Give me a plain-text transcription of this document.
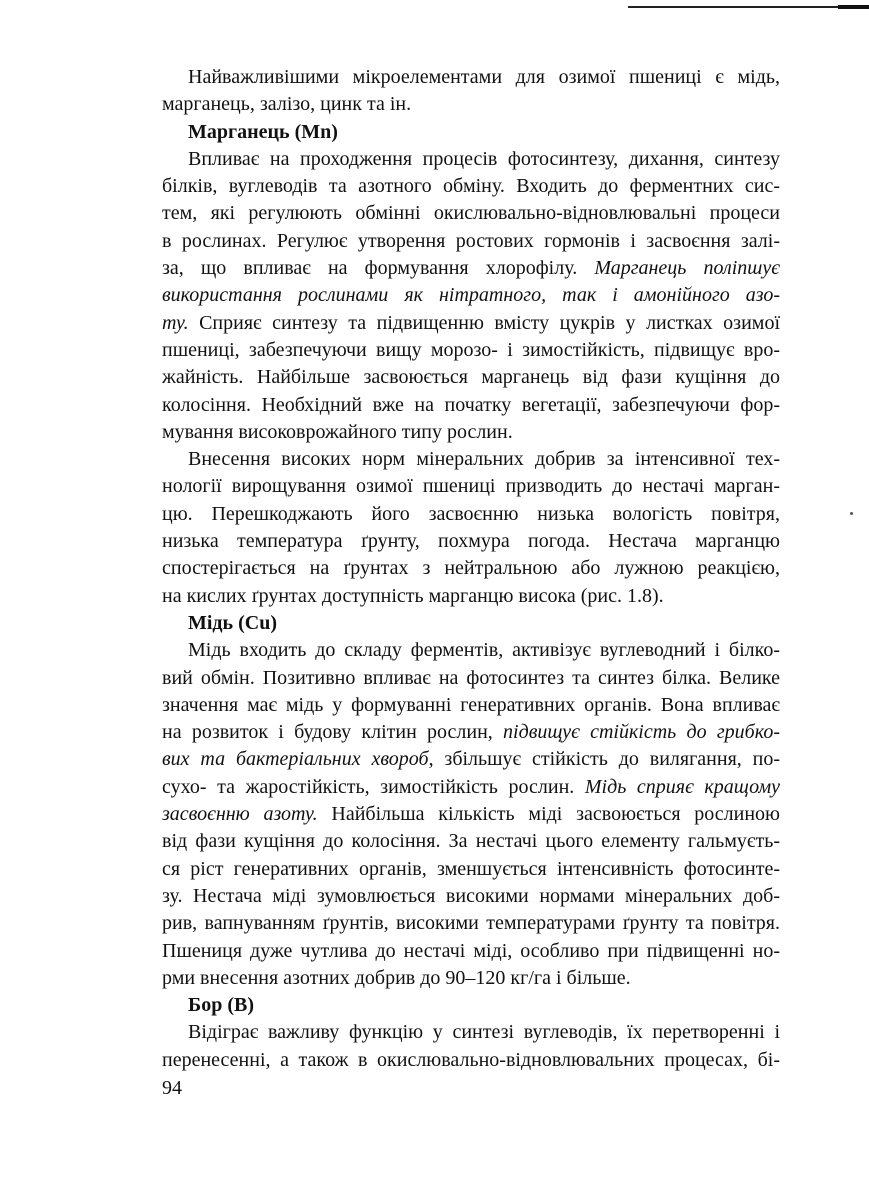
Найважливішими мікроелементами для озимої пшениці є мідь,
марганець, залізо, цинк та ін.
Марганець (Mn)
Впливає на проходження процесів фотосинтезу, дихання, синтезу
білків, вуглеводів та азотного обміну. Входить до ферментних сис-
тем, які регулюють обмінні окислювально-відновлювальні процеси
в рослинах. Регулює утворення ростових гормонів і засвоєння залі-
за, що впливає на формування хлорофілу. Марганець поліпшує
використання рослинами як нітратного, так і амонійного азо-
ту. Сприяє синтезу та підвищенню вмісту цукрів у листках озимої
пшениці, забезпечуючи вищу морозо- і зимостійкість, підвищує вро-
жайність. Найбільше засвоюється марганець від фази кущіння до
колосіння. Необхідний вже на початку вегетації, забезпечуючи фор-
мування високоврожайного типу рослин.
Внесення високих норм мінеральних добрив за інтенсивної тех-
нології вирощування озимої пшениці призводить до нестачі марган-
цю. Перешкоджають його засвоєнню низька вологість повітря,
низька температура ґрунту, похмура погода. Нестача марганцю
спостерігається на ґрунтах з нейтральною або лужною реакцією,
на кислих ґрунтах доступність марганцю висока (рис. 1.8).
Мідь (Cu)
Мідь входить до складу ферментів, активізує вуглеводний і білко-
вий обмін. Позитивно впливає на фотосинтез та синтез білка. Велике
значення має мідь у формуванні генеративних органів. Вона впливає
на розвиток і будову клітин рослин, підвищує стійкість до грибко-
вих та бактеріальних хвороб, збільшує стійкість до вилягання, по-
сухо- та жаростійкість, зимостійкість рослин. Мідь сприяє кращому
засвоєнню азоту. Найбільша кількість міді засвоюється рослиною
від фази кущіння до колосіння. За нестачі цього елементу гальмуєть-
ся ріст генеративних органів, зменшується інтенсивність фотосинте-
зу. Нестача міді зумовлюється високими нормами мінеральних доб-
рив, вапнуванням ґрунтів, високими температурами ґрунту та повітря.
Пшениця дуже чутлива до нестачі міді, особливо при підвищенні но-
рми внесення азотних добрив до 90–120 кг/га і більше.
Бор (B)
Відіграє важливу функцію у синтезі вуглеводів, їх перетворенні і
перенесенні, а також в окислювально-відновлювальних процесах, бі-
94
